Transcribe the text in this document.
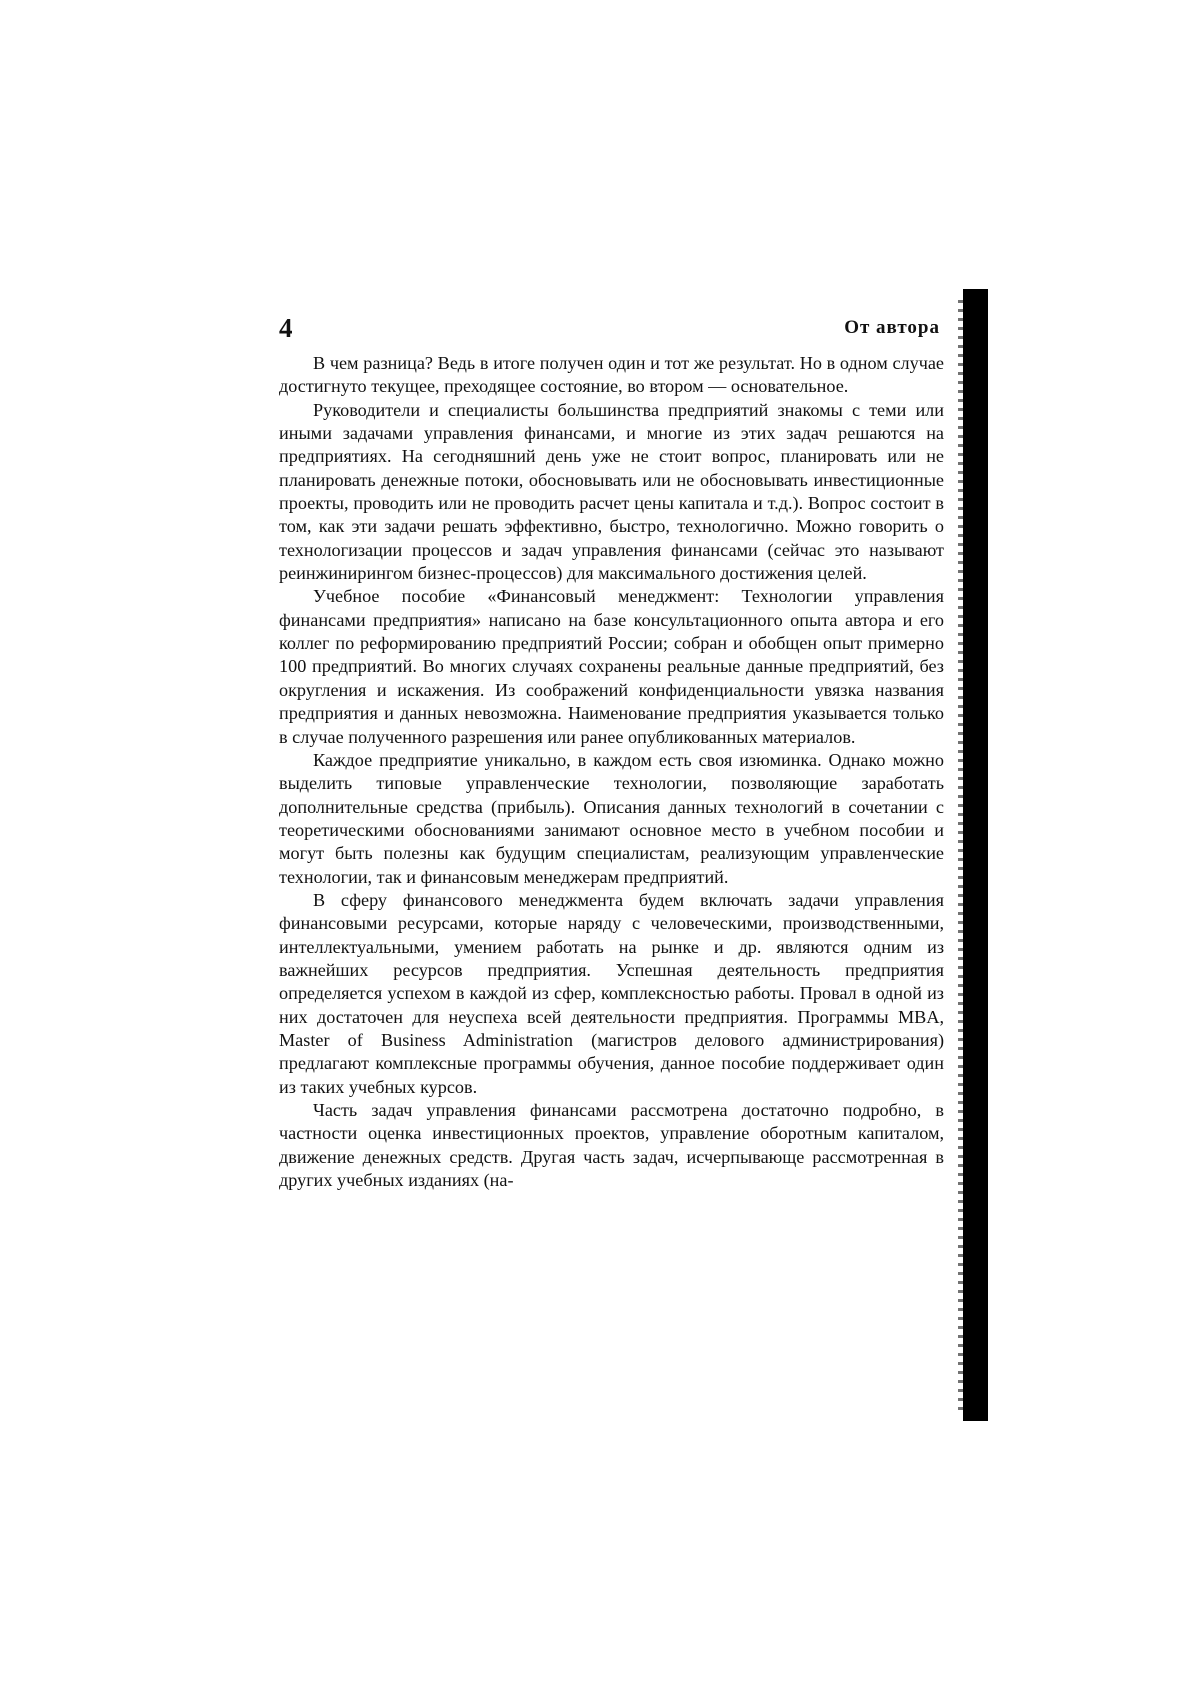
4	От автора

В чем разница? Ведь в итоге получен один и тот же результат. Но в одном случае достигнуто текущее, преходящее состояние, во втором — основательное.

Руководители и специалисты большинства предприятий знакомы с теми или иными задачами управления финансами, и многие из этих задач решаются на предприятиях. На сегодняшний день уже не стоит вопрос, планировать или не планировать денежные потоки, обосновывать или не обосновывать инвестиционные проекты, проводить или не проводить расчет цены капитала и т.д.). Вопрос состоит в том, как эти задачи решать эффективно, быстро, технологично. Можно говорить о технологизации процессов и задач управления финансами (сейчас это называют реинжинирингом бизнес-процессов) для максимального достижения целей.

Учебное пособие «Финансовый менеджмент: Технологии управления финансами предприятия» написано на базе консультационного опыта автора и его коллег по реформированию предприятий России; собран и обобщен опыт примерно 100 предприятий. Во многих случаях сохранены реальные данные предприятий, без округления и искажения. Из соображений конфиденциальности увязка названия предприятия и данных невозможна. Наименование предприятия указывается только в случае полученного разрешения или ранее опубликованных материалов.

Каждое предприятие уникально, в каждом есть своя изюминка. Однако можно выделить типовые управленческие технологии, позволяющие заработать дополнительные средства (прибыль). Описания данных технологий в сочетании с теоретическими обоснованиями занимают основное место в учебном пособии и могут быть полезны как будущим специалистам, реализующим управленческие технологии, так и финансовым менеджерам предприятий.

В сферу финансового менеджмента будем включать задачи управления финансовыми ресурсами, которые наряду с человеческими, производственными, интеллектуальными, умением работать на рынке и др. являются одним из важнейших ресурсов предприятия. Успешная деятельность предприятия определяется успехом в каждой из сфер, комплексностью работы. Провал в одной из них достаточен для неуспеха всей деятельности предприятия. Программы MBA, Master of Business Administration (магистров делового администрирования) предлагают комплексные программы обучения, данное пособие поддерживает один из таких учебных курсов.

Часть задач управления финансами рассмотрена достаточно подробно, в частности оценка инвестиционных проектов, управление оборотным капиталом, движение денежных средств. Другая часть задач, исчерпывающе рассмотренная в других учебных изданиях (на-
